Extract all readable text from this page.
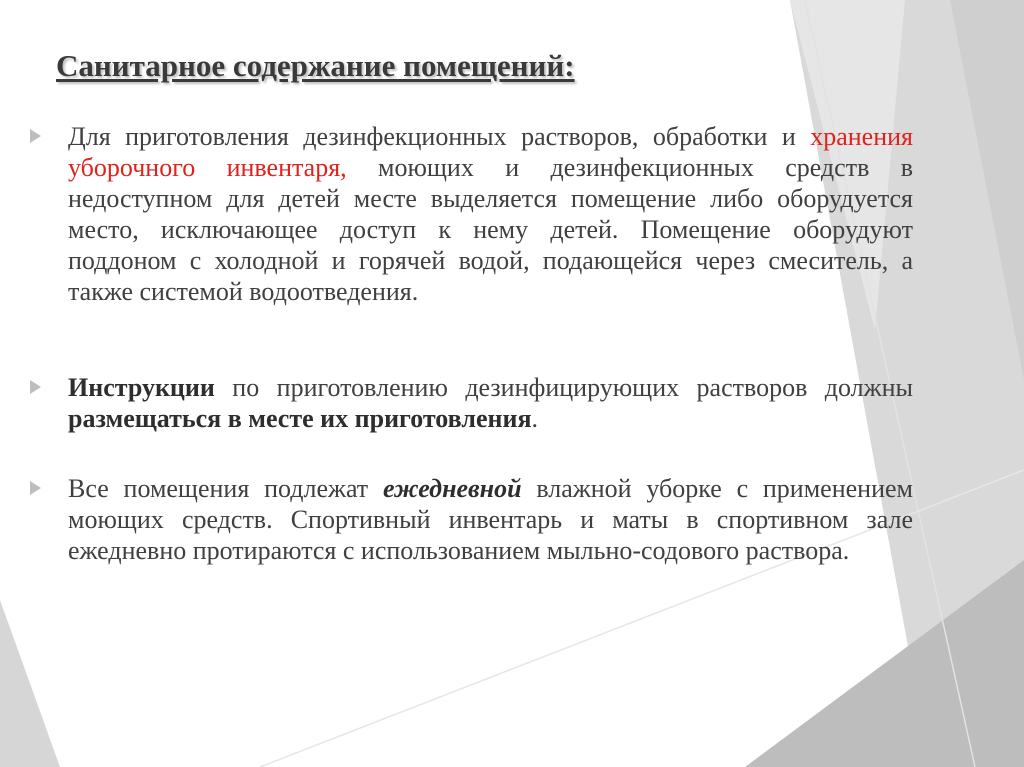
Санитарное содержание помещений:
Для приготовления дезинфекционных растворов, обработки и хранения уборочного инвентаря, моющих и дезинфекционных средств в недоступном для детей месте выделяется помещение либо оборудуется место, исключающее доступ к нему детей. Помещение оборудуют поддоном с холодной и горячей водой, подающейся через смеситель, а также системой водоотведения.
Инструкции по приготовлению дезинфицирующих растворов должны размещаться в месте их приготовления.
Все помещения подлежат ежедневной влажной уборке с применением моющих средств. Спортивный инвентарь и маты в спортивном зале ежедневно протираются с использованием мыльно-содового раствора.
